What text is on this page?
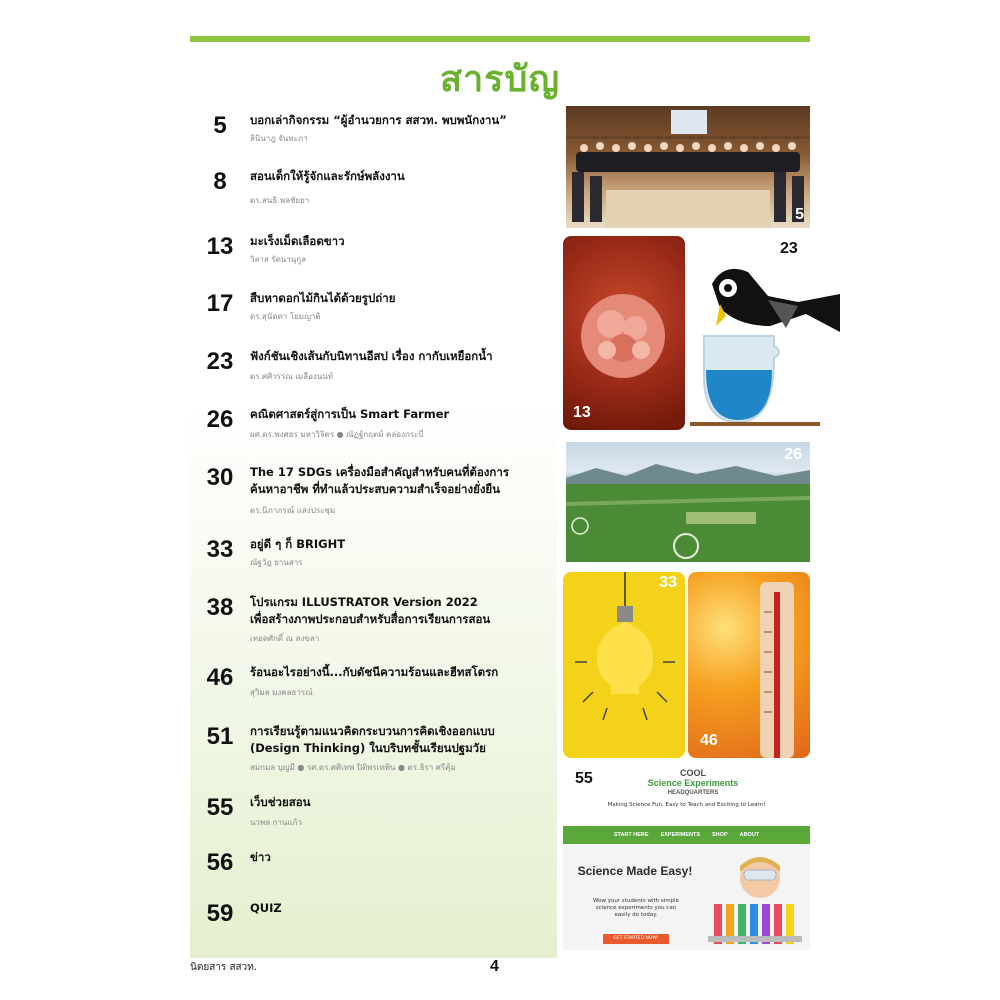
สารบัญ
5	บอกเล่ากิจกรรม “ผู้อำนวยการ สสวท. พบพนักงาน”
ลินินาฎ จันทะภา
8	สอนเด็กให้รู้จักและรักษ์พลังงาน
ดร.สนธิ พลชัยยา
13	มะเร็งเม็ดเลือดขาว
วิลาส รัตนานุกูล
17	สืบหาดอกไม้กินได้ด้วยรูปถ่าย
ดร.สุนัดดา โยมญาติ
23	ฟังก์ชันเชิงเส้นกับนิทานอีสป เรื่อง กากับเหยือกน้ำ
ดร.ศศิวรรณ เมลืองนนท์
26	คณิตศาสตร์สู่การเป็น Smart Farmer
ผศ.ดร.พงศธร มหาวิจิตร ● ณัฏฐ์กฤตม์ คล่องกระบี่
30	The 17 SDGs เครื่องมือสำคัญสำหรับคนที่ต้องการ
ค้นหาอาชีพ ที่ทำแล้วประสบความสำเร็จอย่างยั่งยืน
ดร.นิภาภรณ์ แสงประชุม
33	อยู่ดี ๆ ก็ BRIGHT
ณัฐวัฎ ยานสาร
38	โปรแกรม ILLUSTRATOR Version 2022
เพื่อสร้างภาพประกอบสำหรับสื่อการเรียนการสอน
เทอดศักดิ์ ณ สงขลา
46	ร้อนอะไรอย่างนี้...กับดัชนีความร้อนและฮีทสโตรก
สุวิมล มงคลธารณ์
51	การเรียนรู้ตามแนวคิดกระบวนการคิดเชิงออกแบบ
(Design Thinking) ในบริบทชั้นเรียนปฐมวัย
สมกมล บุญมี ● รศ.ดร.ศศิเทพ ปิติพรเทพิน ● ดร.ธิรา ศรีคุ้ม
55	เว็บช่วยสอน
นวพล กานแก้ว
56	ข่าว
59	QUIZ
5
13
23
26
33
46
55	COOL
Science Experiments
HEADQUARTERS
Making Science Fun, Easy to Teach and Exciting to Learn!
START HERE EXPERIMENTS SHOP ABOUT
Science Made Easy!
Wow your students with simple science experiments you can easily do today.
GET STARTED NOW!
นิตยสาร สสวท.	4
